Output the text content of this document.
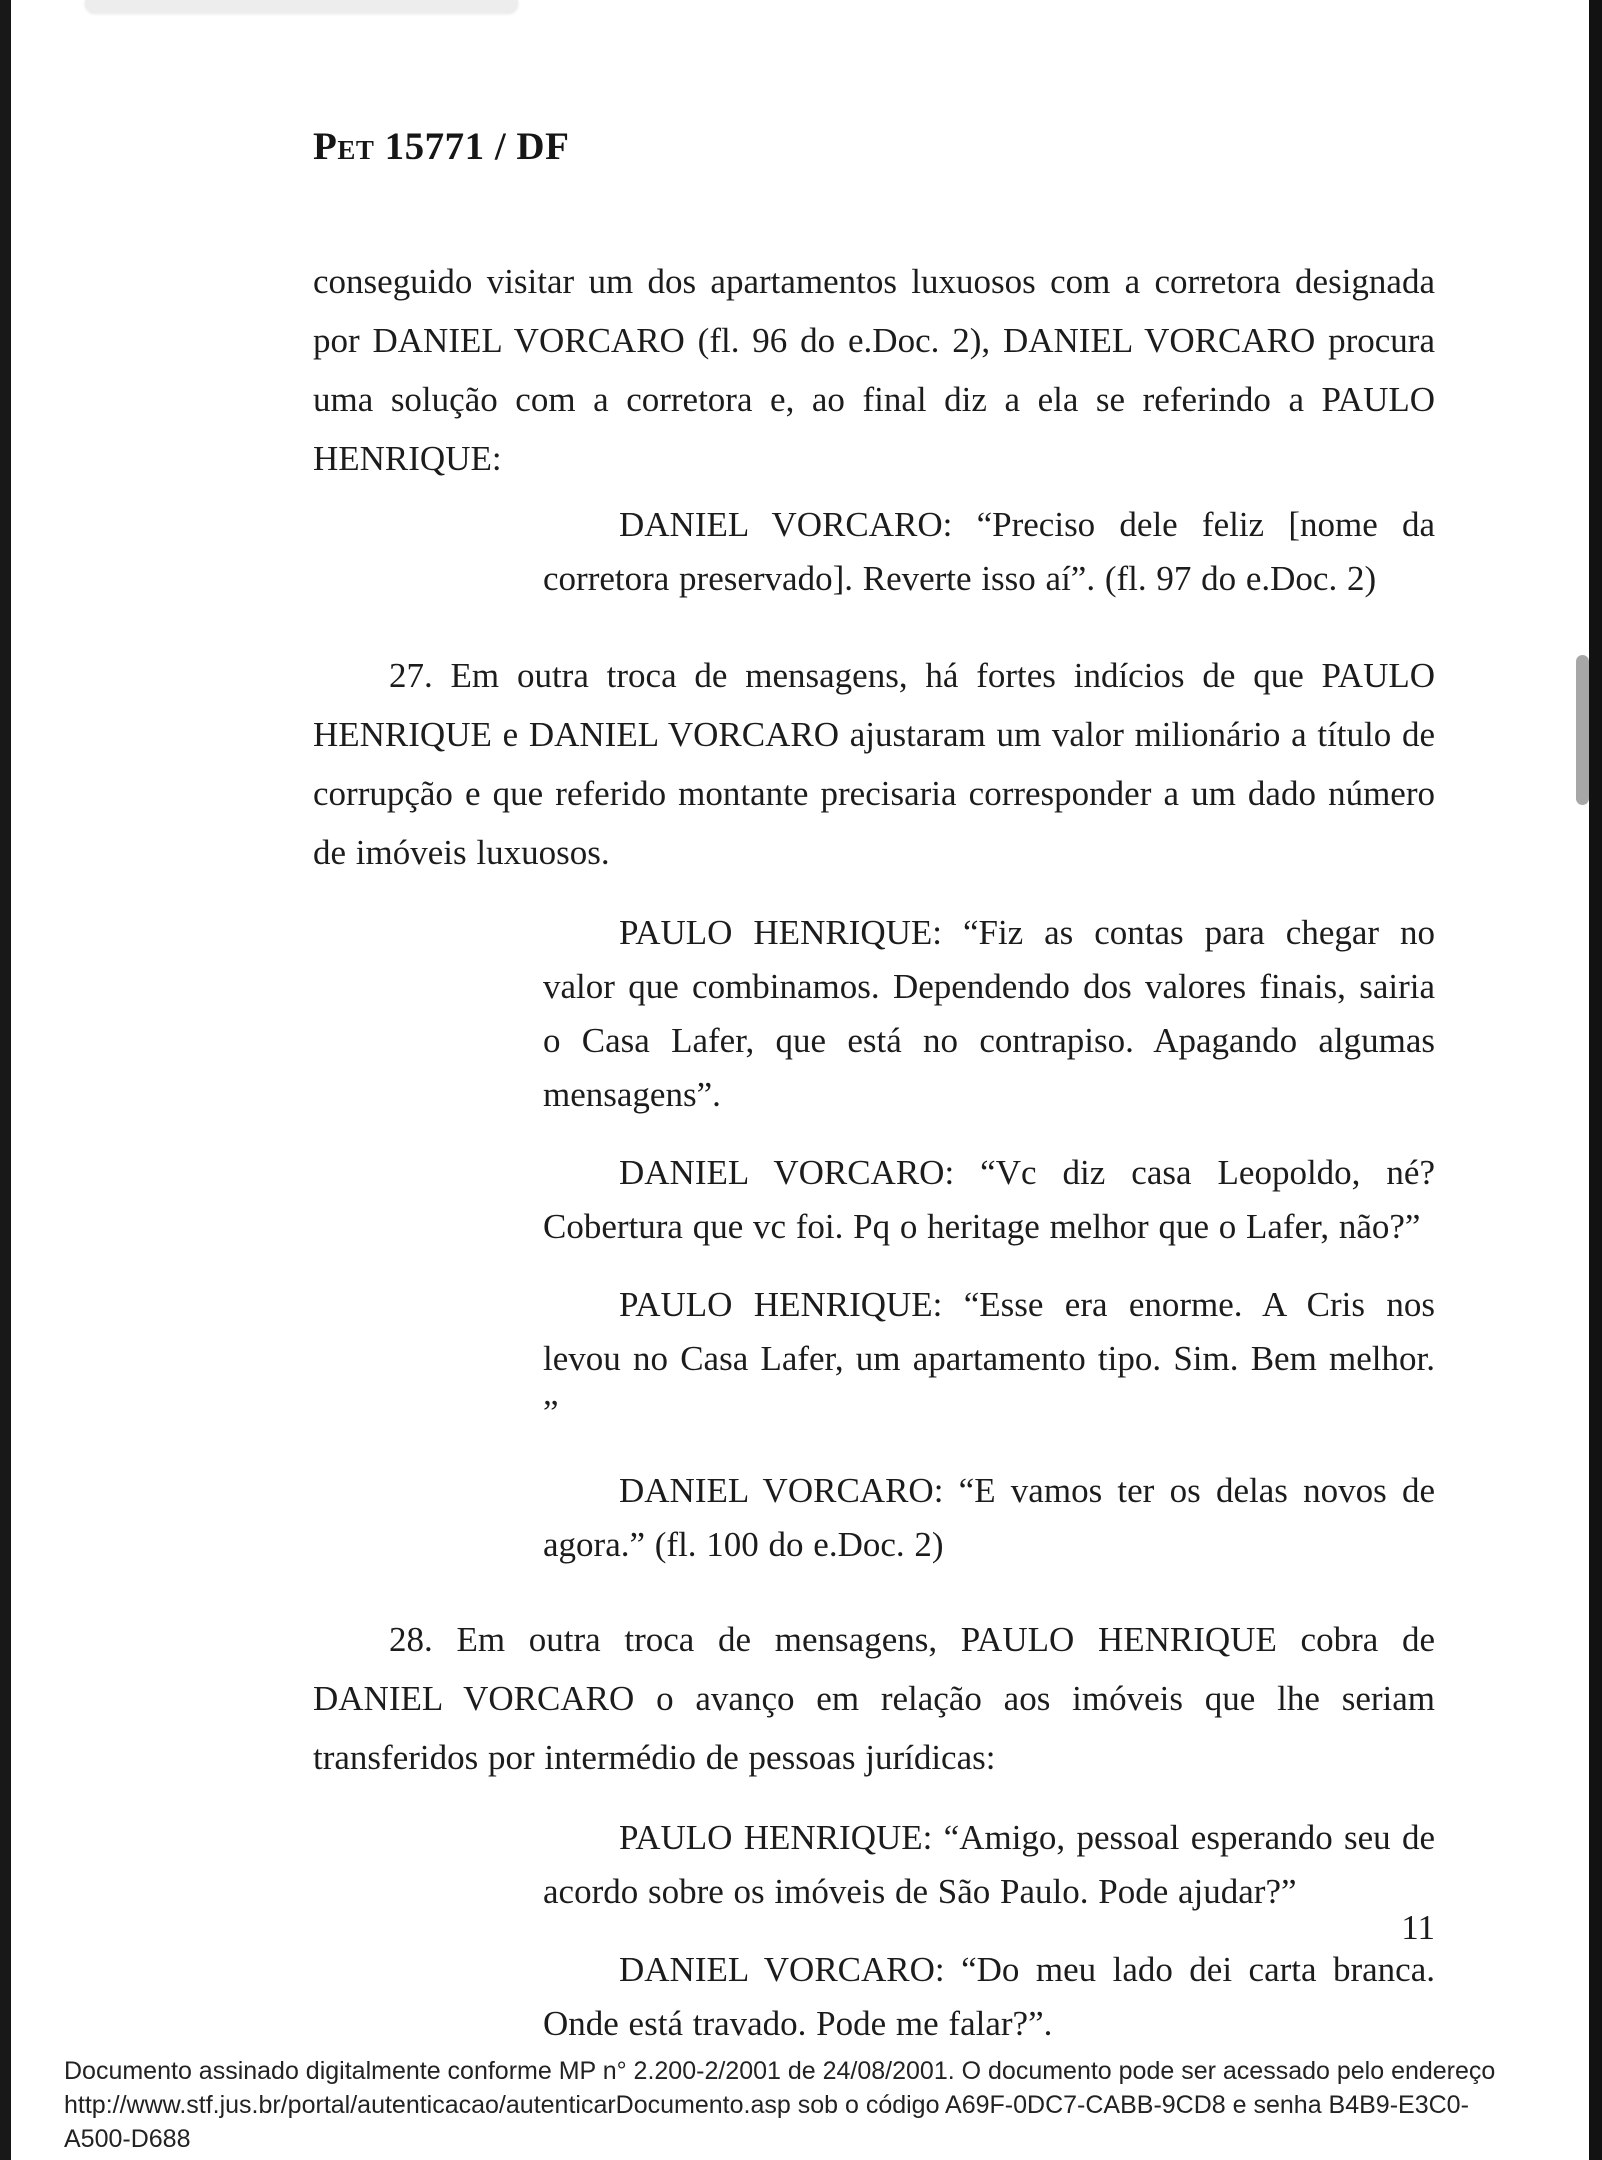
Pet 15771 / DF

conseguido visitar um dos apartamentos luxuosos com a corretora designada por DANIEL VORCARO (fl. 96 do e.Doc. 2), DANIEL VORCARO procura uma solução com a corretora e, ao final diz a ela se referindo a PAULO HENRIQUE:

DANIEL VORCARO: “Preciso dele feliz [nome da corretora preservado]. Reverte isso aí”. (fl. 97 do e.Doc. 2)

27. Em outra troca de mensagens, há fortes indícios de que PAULO HENRIQUE e DANIEL VORCARO ajustaram um valor milionário a título de corrupção e que referido montante precisaria corresponder a um dado número de imóveis luxuosos.

PAULO HENRIQUE: “Fiz as contas para chegar no valor que combinamos. Dependendo dos valores finais, sairia o Casa Lafer, que está no contrapiso. Apagando algumas mensagens”.

DANIEL VORCARO: “Vc diz casa Leopoldo, né? Cobertura que vc foi. Pq o heritage melhor que o Lafer, não?”

PAULO HENRIQUE: “Esse era enorme. A Cris nos levou no Casa Lafer, um apartamento tipo. Sim. Bem melhor. ”

DANIEL VORCARO: “E vamos ter os delas novos de agora.” (fl. 100 do e.Doc. 2)

28. Em outra troca de mensagens, PAULO HENRIQUE cobra de DANIEL VORCARO o avanço em relação aos imóveis que lhe seriam transferidos por intermédio de pessoas jurídicas:

PAULO HENRIQUE: “Amigo, pessoal esperando seu de acordo sobre os imóveis de São Paulo. Pode ajudar?”

DANIEL VORCARO: “Do meu lado dei carta branca. Onde está travado. Pode me falar?”.

11
Documento assinado digitalmente conforme MP n° 2.200-2/2001 de 24/08/2001. O documento pode ser acessado pelo endereço
http://www.stf.jus.br/portal/autenticacao/autenticarDocumento.asp sob o código A69F-0DC7-CABB-9CD8 e senha B4B9-E3C0-A500-D688
